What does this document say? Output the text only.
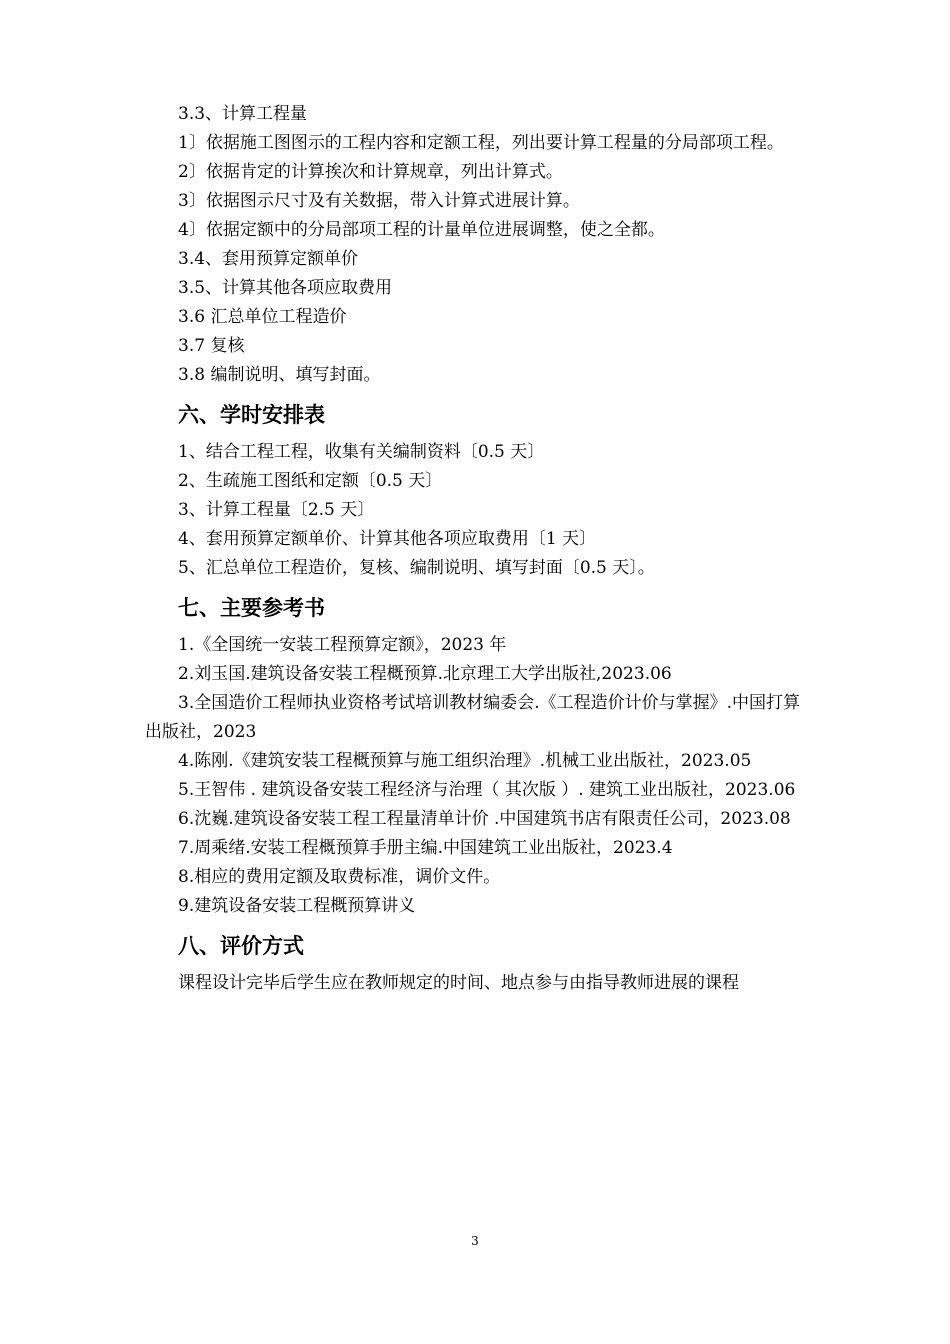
3.3、计算工程量

1〕依据施工图图示的工程内容和定额工程，列出要计算工程量的分局部项工程。

2〕依据肯定的计算挨次和计算规章，列出计算式。

3〕依据图示尺寸及有关数据，带入计算式进展计算。

4〕依据定额中的分局部项工程的计量单位进展调整，使之全都。

3.4、套用预算定额单价

3.5、计算其他各项应取费用

3.6 汇总单位工程造价

3.7 复核

3.8 编制说明、填写封面。

六、学时安排表

1、结合工程工程，收集有关编制资料〔0.5 天〕

2、生疏施工图纸和定额〔0.5 天〕

3、计算工程量〔2.5 天〕

4、套用预算定额单价、计算其他各项应取费用〔1 天〕

5、汇总单位工程造价，复核、编制说明、填写封面〔0.5 天〕。

七、主要参考书

1.《全国统一安装工程预算定额》，2023 年

2.刘玉国.建筑设备安装工程概预算.北京理工大学出版社,2023.06

3.全国造价工程师执业资格考试培训教材编委会.《工程造价计价与掌握》.中国打算出版社，2023

4.陈刚.《建筑安装工程概预算与施工组织治理》.机械工业出版社，2023.05

5.王智伟 . 建筑设备安装工程经济与治理（ 其次版 ）. 建筑工业出版社，2023.06

6.沈巍.建筑设备安装工程工程量清单计价 .中国建筑书店有限责任公司，2023.08

7.周乘绪.安装工程概预算手册主编.中国建筑工业出版社，2023.4

8.相应的费用定额及取费标准，调价文件。

9.建筑设备安装工程概预算讲义

八、评价方式

课程设计完毕后学生应在教师规定的时间、地点参与由指导教师进展的课程

3
